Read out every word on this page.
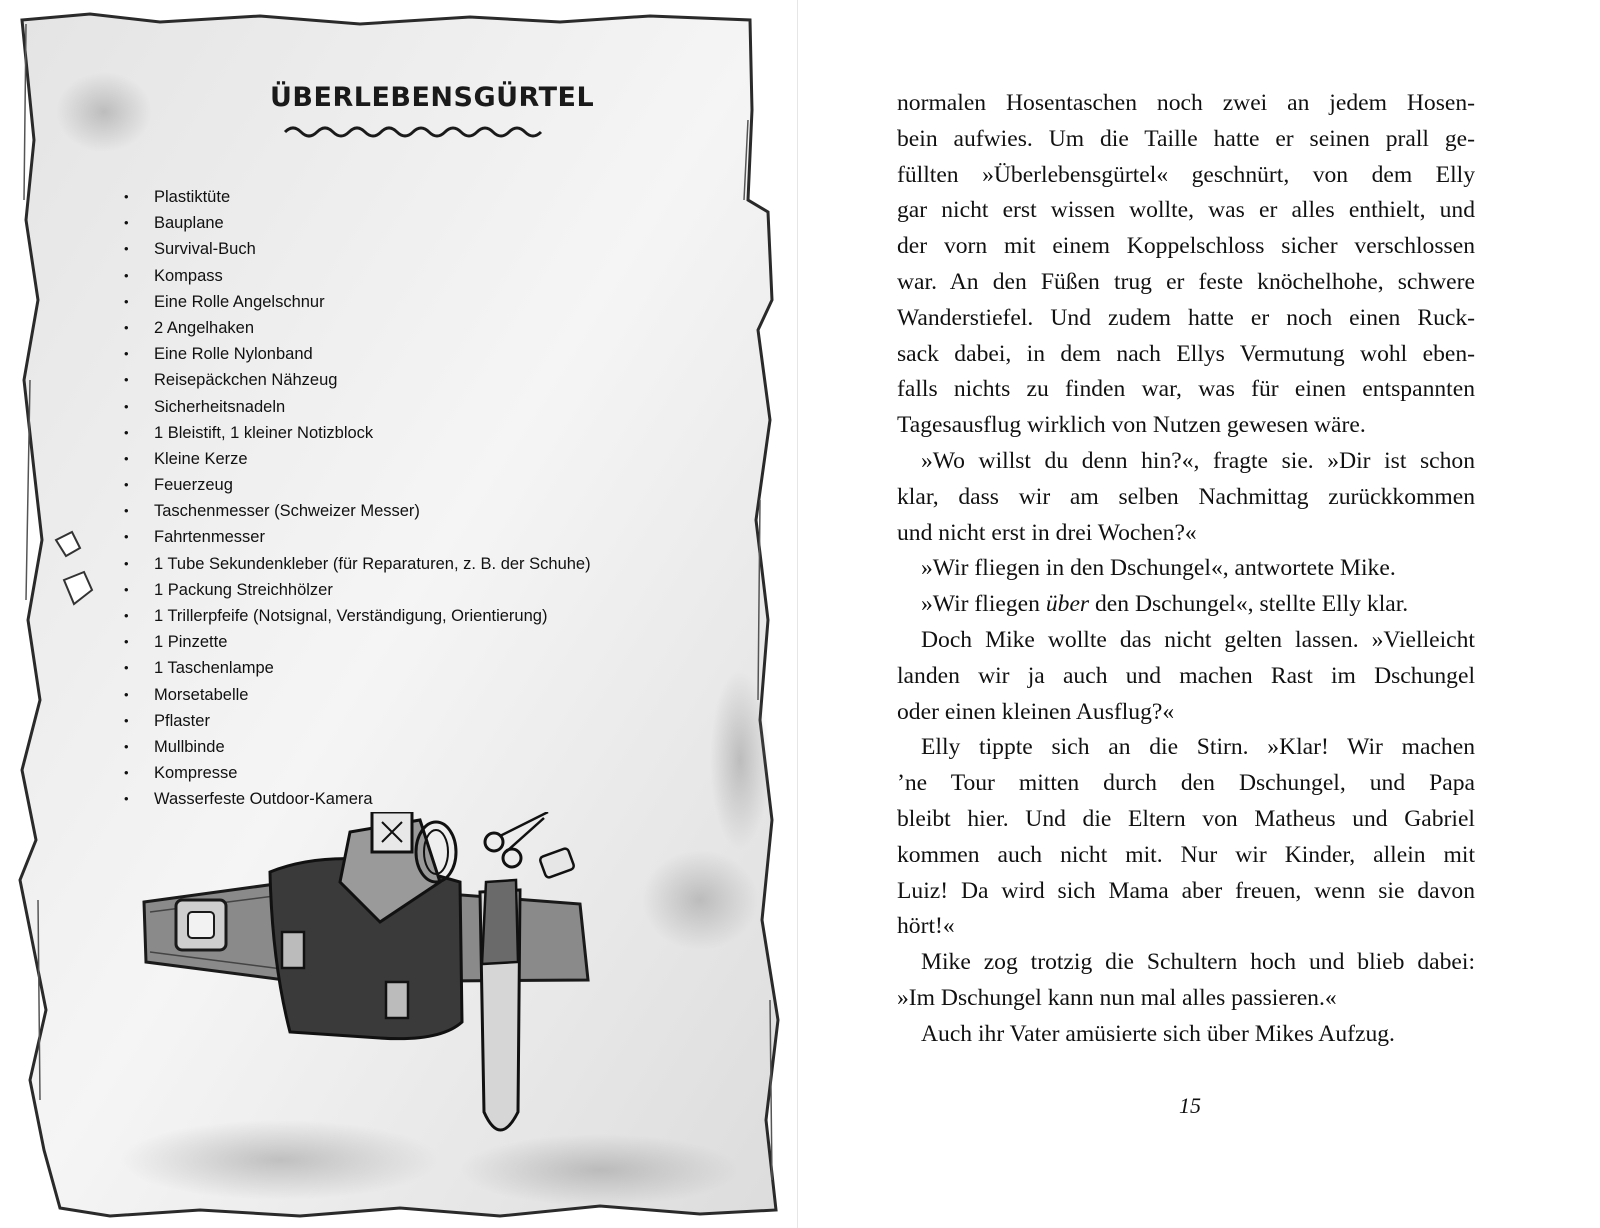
ÜBERLEBENSGÜRTEL
• Plastiktüte
• Bauplane
• Survival-Buch
• Kompass
• Eine Rolle Angelschnur
• 2 Angelhaken
• Eine Rolle Nylonband
• Reisepäckchen Nähzeug
• Sicherheitsnadeln
• 1 Bleistift, 1 kleiner Notizblock
• Kleine Kerze
• Feuerzeug
• Taschenmesser (Schweizer Messer)
• Fahrtenmesser
• 1 Tube Sekundenkleber (für Reparaturen, z. B. der Schuhe)
• 1 Packung Streichhölzer
• 1 Trillerpfeife (Notsignal, Verständigung, Orientierung)
• 1 Pinzette
• 1 Taschenlampe
• Morsetabelle
• Pflaster
• Mullbinde
• Kompresse
• Wasserfeste Outdoor-Kamera

normalen Hosentaschen noch zwei an jedem Hosen-

bein aufwies. Um die Taille hatte er seinen prall ge-

füllten »Überlebensgürtel« geschnürt, von dem Elly

gar nicht erst wissen wollte, was er alles enthielt, und

der vorn mit einem Koppelschloss sicher verschlossen

war. An den Füßen trug er feste knöchelhohe, schwere

Wanderstiefel. Und zudem hatte er noch einen Ruck-

sack dabei, in dem nach Ellys Vermutung wohl eben-

falls nichts zu finden war, was für einen entspannten

Tagesausflug wirklich von Nutzen gewesen wäre.

»Wo willst du denn hin?«, fragte sie. »Dir ist schon

klar, dass wir am selben Nachmittag zurückkommen

und nicht erst in drei Wochen?«

»Wir fliegen in den Dschungel«, antwortete Mike.

»Wir fliegen über den Dschungel«, stellte Elly klar.

Doch Mike wollte das nicht gelten lassen. »Vielleicht

landen wir ja auch und machen Rast im Dschungel

oder einen kleinen Ausflug?«

Elly tippte sich an die Stirn. »Klar! Wir machen

’ne Tour mitten durch den Dschungel, und Papa

bleibt hier. Und die Eltern von Matheus und Gabriel

kommen auch nicht mit. Nur wir Kinder, allein mit

Luiz! Da wird sich Mama aber freuen, wenn sie davon

hört!«

Mike zog trotzig die Schultern hoch und blieb dabei:

»Im Dschungel kann nun mal alles passieren.«

Auch ihr Vater amüsierte sich über Mikes Aufzug.

15
